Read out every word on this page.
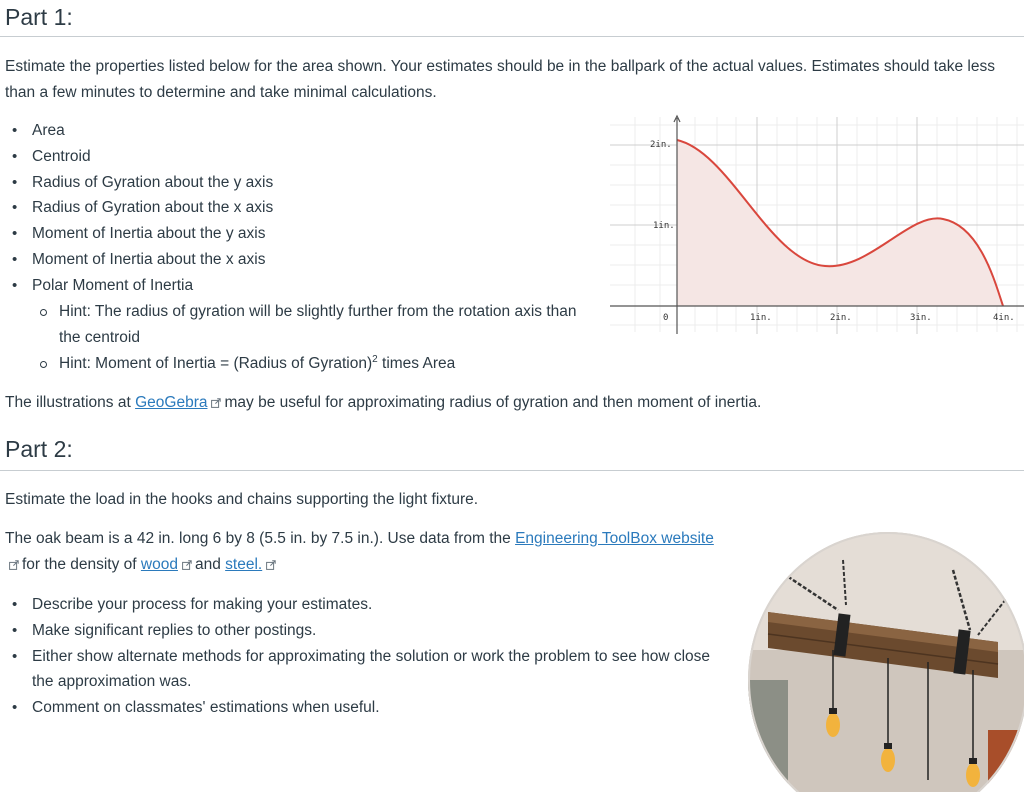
Part 1:

Estimate the properties listed below for the area shown. Your estimates should be in the ballpark of the actual values. Estimates should take less than a few minutes to determine and take minimal calculations.

• Area
• Centroid
• Radius of Gyration about the y axis
• Radius of Gyration about the x axis
• Moment of Inertia about the y axis
• Moment of Inertia about the x axis
• Polar Moment of Inertia
Hint: The radius of gyration will be slightly further from the rotation axis than the centroid
Hint: Moment of Inertia = (Radius of Gyration)$^2$ times Area

The illustrations at GeoGebra may be useful for approximating radius of gyration and then moment of inertia.

2in.
1in.
0	1in.	2in.	3in.	4in.
Part 2:

Estimate the load in the hooks and chains supporting the light fixture.

The oak beam is a 42 in. long 6 by 8 (5.5 in. by 7.5 in.). Use data from the Engineering ToolBox websitefor the density of wood and steel.

• Describe your process for making your estimates.
• Make significant replies to other postings.
• Either show alternate methods for approximating the solution or work the problem to see how close the approximation was.
• Comment on classmates' estimations when useful.
